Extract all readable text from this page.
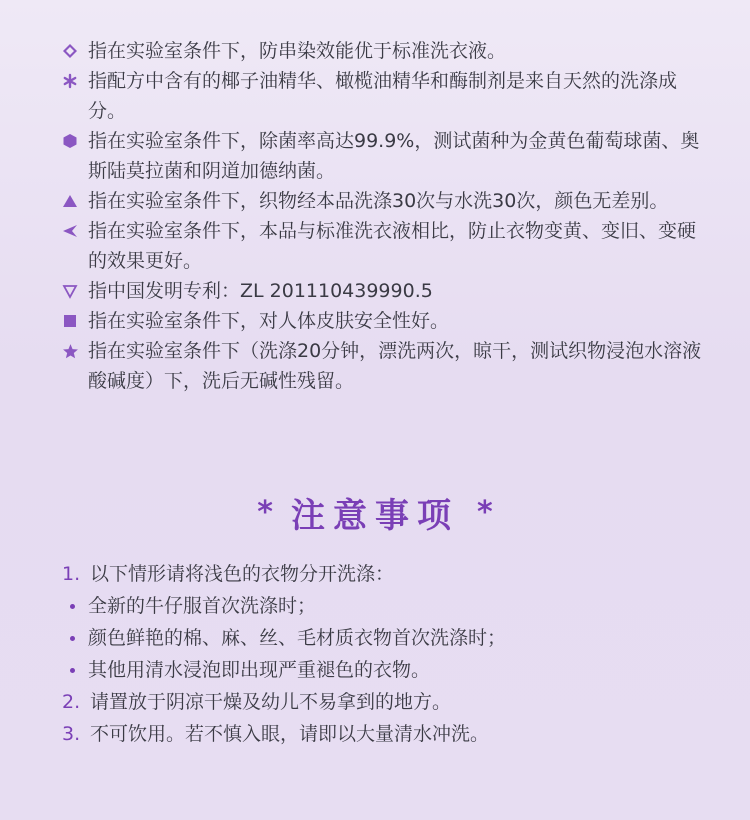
指在实验室条件下，防串染效能优于标准洗衣液。
指配方中含有的椰子油精华、橄榄油精华和酶制剂是来自天然的洗涤成分。
指在实验室条件下，除菌率高达99.9%，测试菌种为金黄色葡萄球菌、奥斯陆莫拉菌和阴道加德纳菌。
指在实验室条件下，织物经本品洗涤30次与水洗30次，颜色无差别。
指在实验室条件下，本品与标准洗衣液相比，防止衣物变黄、变旧、变硬的效果更好。
指中国发明专利：ZL 201110439990.5
指在实验室条件下，对人体皮肤安全性好。
指在实验室条件下（洗涤20分钟，漂洗两次，晾干，测试织物浸泡水溶液酸碱度）下，洗后无碱性残留。
* 注意事项 *
1. 以下情形请将浅色的衣物分开洗涤：
全新的牛仔服首次洗涤时；
颜色鲜艳的棉、麻、丝、毛材质衣物首次洗涤时；
其他用清水浸泡即出现严重褪色的衣物。
2. 请置放于阴凉干燥及幼儿不易拿到的地方。
3. 不可饮用。若不慎入眼，请即以大量清水冲洗。
